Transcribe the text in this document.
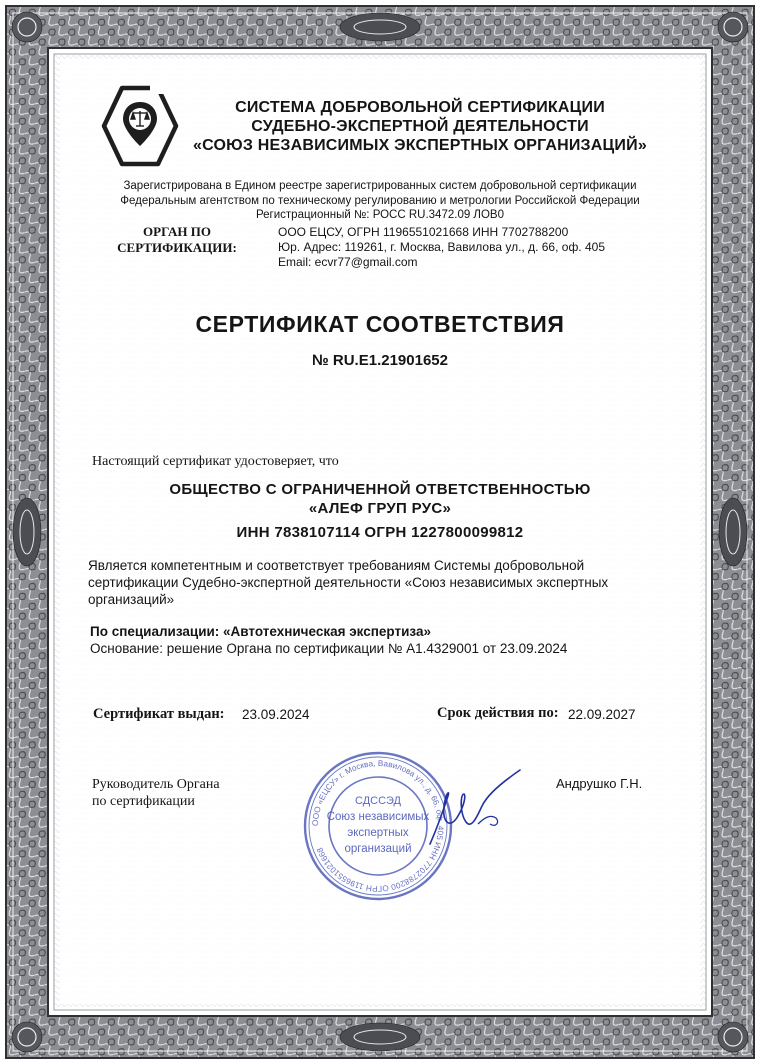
СИСТЕМА ДОБРОВОЛЬНОЙ СЕРТИФИКАЦИИ
СУДЕБНО-ЭКСПЕРТНОЙ ДЕЯТЕЛЬНОСТИ
«СОЮЗ НЕЗАВИСИМЫХ ЭКСПЕРТНЫХ ОРГАНИЗАЦИЙ»
Зарегистрирована в Едином реестре зарегистрированных систем добровольной сертификации
Федеральным агентством по техническому регулированию и метрологии Российской Федерации
Регистрационный №: РОСС RU.3472.09 ЛОВ0
ОРГАН ПО
СЕРТИФИКАЦИИ:
ООО ЕЦСУ, ОГРН 1196551021668 ИНН 7702788200
Юр. Адрес: 119261, г. Москва, Вавилова ул., д. 66, оф. 405
Email: ecvr77@gmail.com
СЕРТИФИКАТ СООТВЕТСТВИЯ
№ RU.E1.21901652
Настоящий сертификат удостоверяет, что
ОБЩЕСТВО С ОГРАНИЧЕННОЙ ОТВЕТСТВЕННОСТЬЮ
«АЛЕФ ГРУП РУС»
ИНН 7838107114 ОГРН 1227800099812
Является компетентным и соответствует требованиям Системы добровольной
сертификации Судебно-экспертной деятельности «Союз независимых экспертных
организаций»
По специализации: «Автотехническая экспертиза»
Основание: решение Органа по сертификации № А1.4329001 от 23.09.2024
Сертификат выдан: 23.09.2024	Срок действия по: 22.09.2027
Руководитель Органа
по сертификации
Андрушко Г.Н.
ООО «ЕЦСУ» г. Москва, Вавилова ул., д. 66, оф. 405 ИНН 7702788200 ОГРН 1196551021668
СДССЭД
Союз независимых
экспертных
организаций
